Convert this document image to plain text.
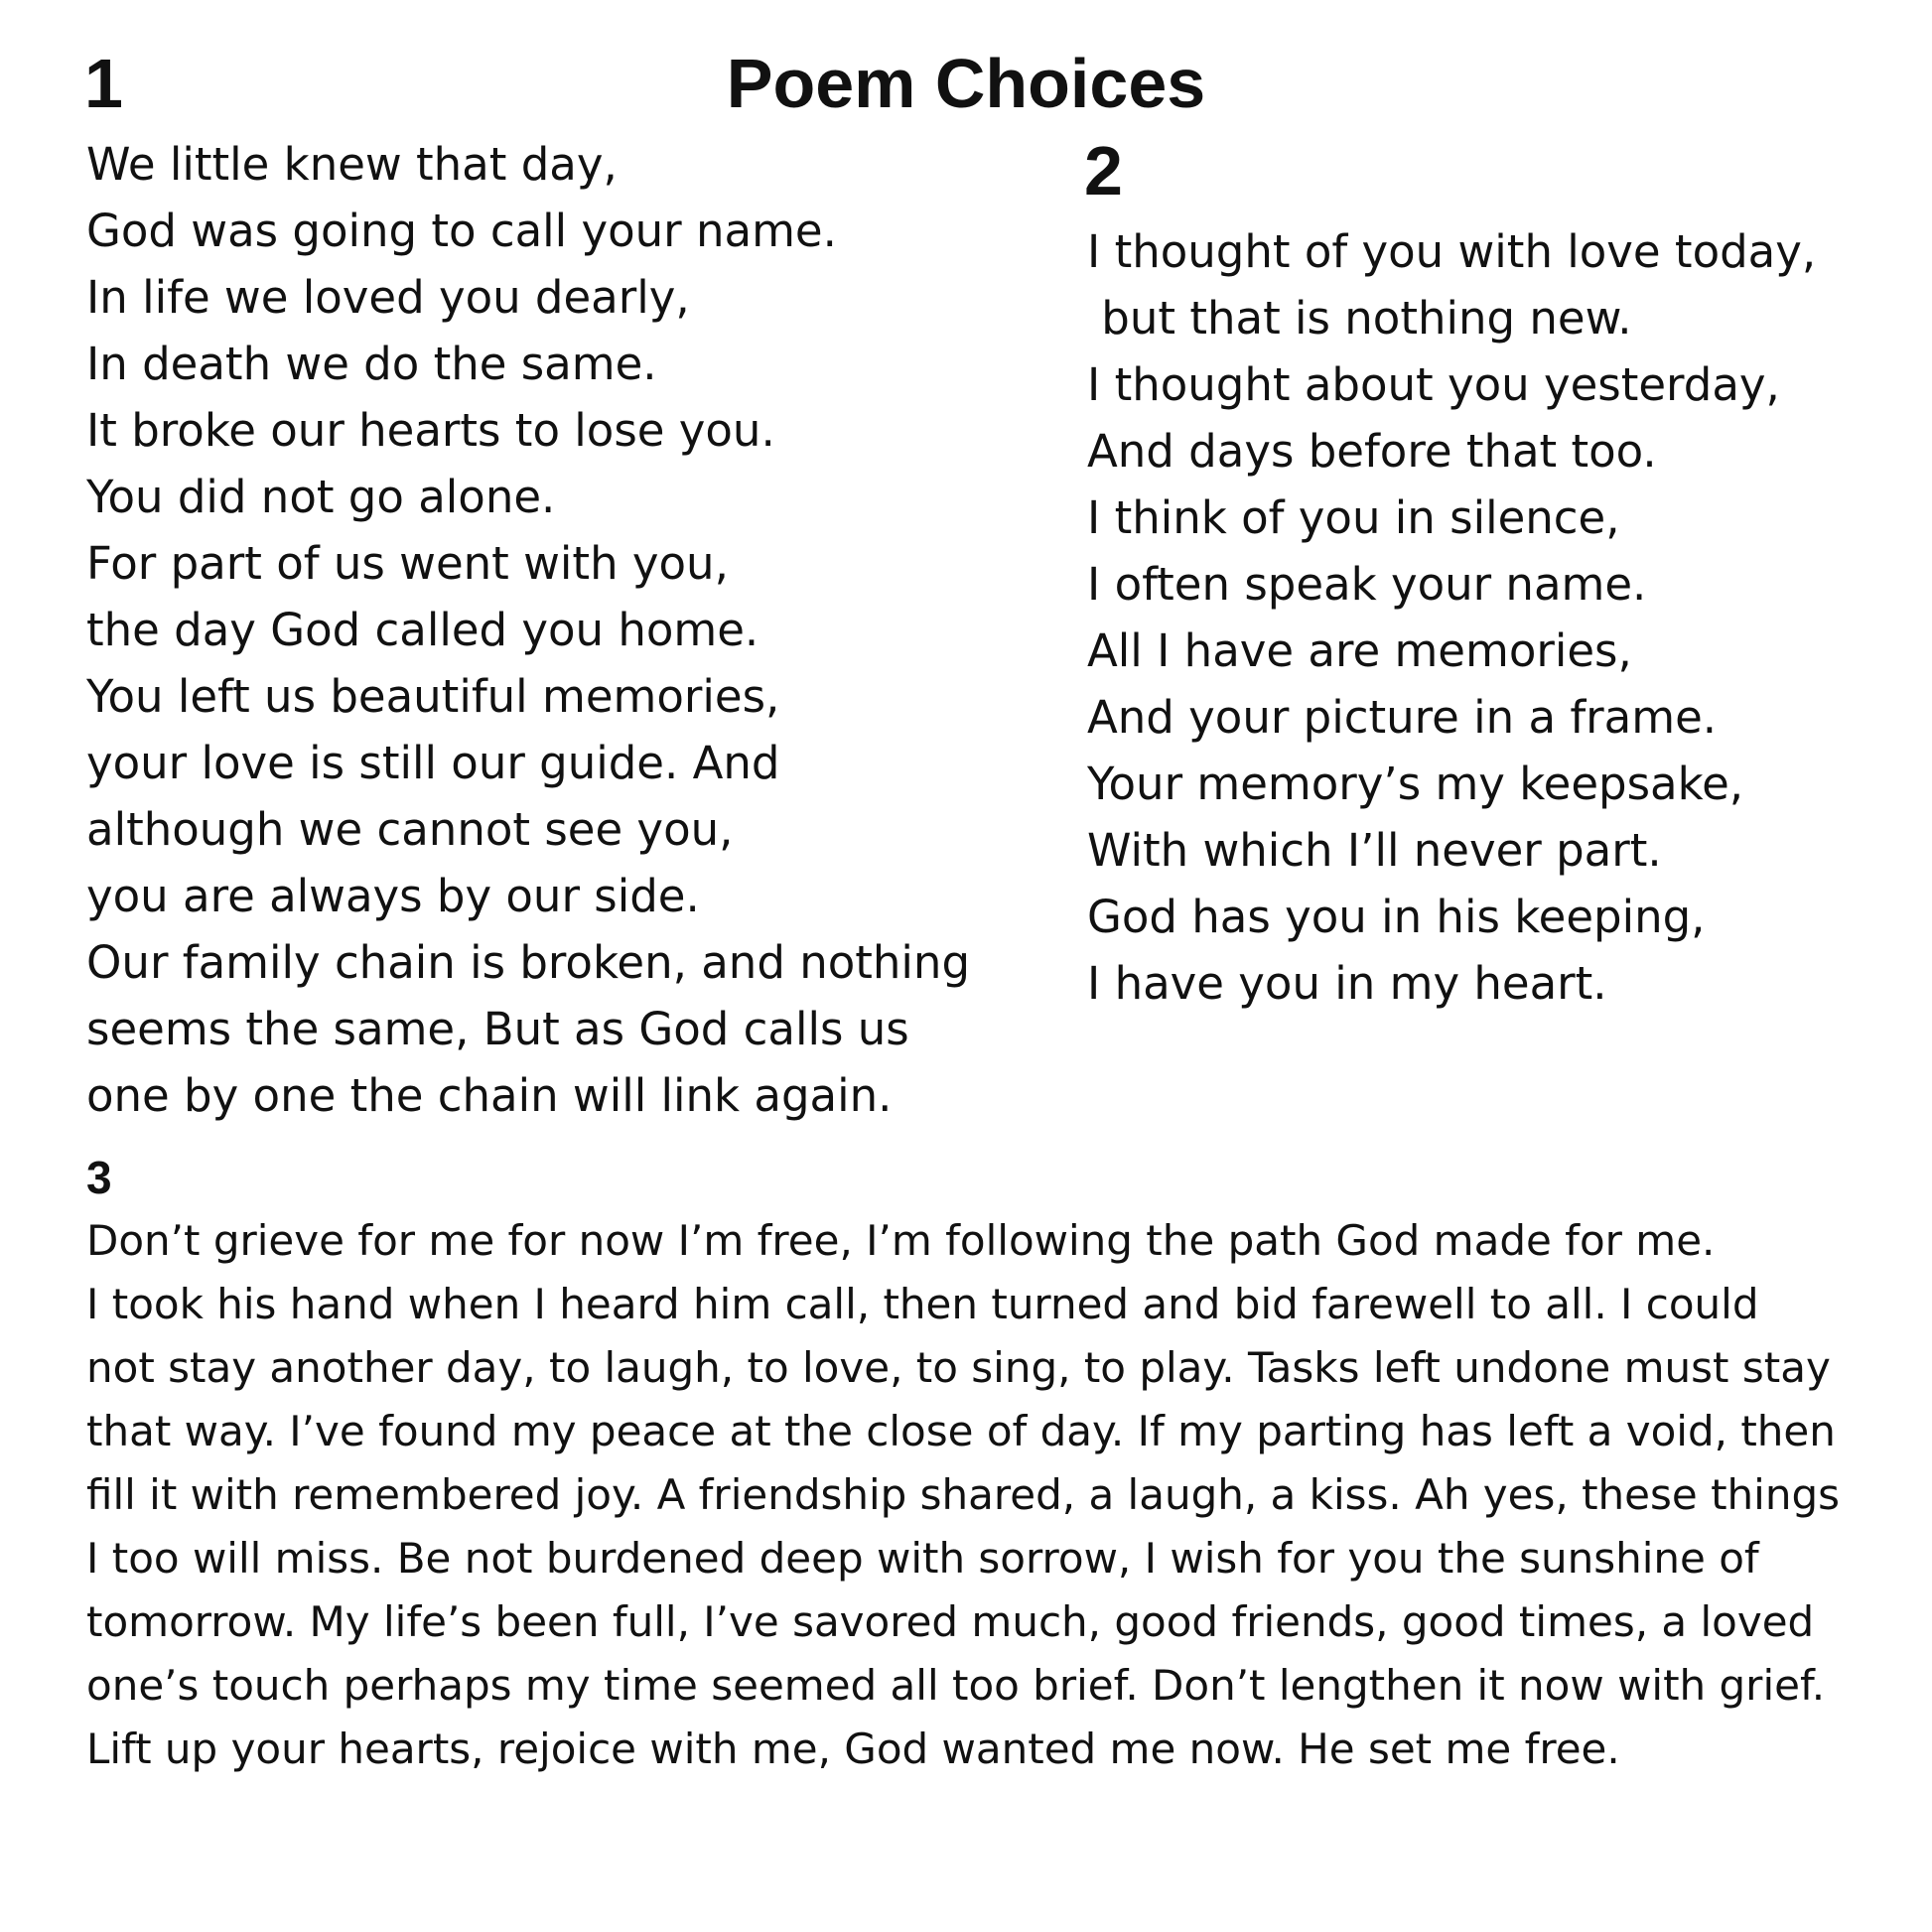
Poem Choices
1
We little knew that day,
God was going to call your name.
In life we loved you dearly,
In death we do the same.
It broke our hearts to lose you.
You did not go alone.
For part of us went with you,
the day God called you home.
You left us beautiful memories,
your love is still our guide. And
although we cannot see you,
you are always by our side.
Our family chain is broken, and nothing
seems the same, But as God calls us
one by one the chain will link again.
2
I thought of you with love today,
but that is nothing new.
I thought about you yesterday,
And days before that too.
I think of you in silence,
I often speak your name.
All I have are memories,
And your picture in a frame.
Your memory’s my keepsake,
With which I’ll never part.
God has you in his keeping,
I have you in my heart.
3
Don’t grieve for me for now I’m free, I’m following the path God made for me.
I took his hand when I heard him call, then turned and bid farewell to all. I could
not stay another day, to laugh, to love, to sing, to play. Tasks left undone must stay
that way. I’ve found my peace at the close of day. If my parting has left a void, then
fill it with remembered joy. A friendship shared, a laugh, a kiss. Ah yes, these things
I too will miss. Be not burdened deep with sorrow, I wish for you the sunshine of
tomorrow. My life’s been full, I’ve savored much, good friends, good times, a loved
one’s touch perhaps my time seemed all too brief. Don’t lengthen it now with grief.
Lift up your hearts, rejoice with me, God wanted me now. He set me free.
